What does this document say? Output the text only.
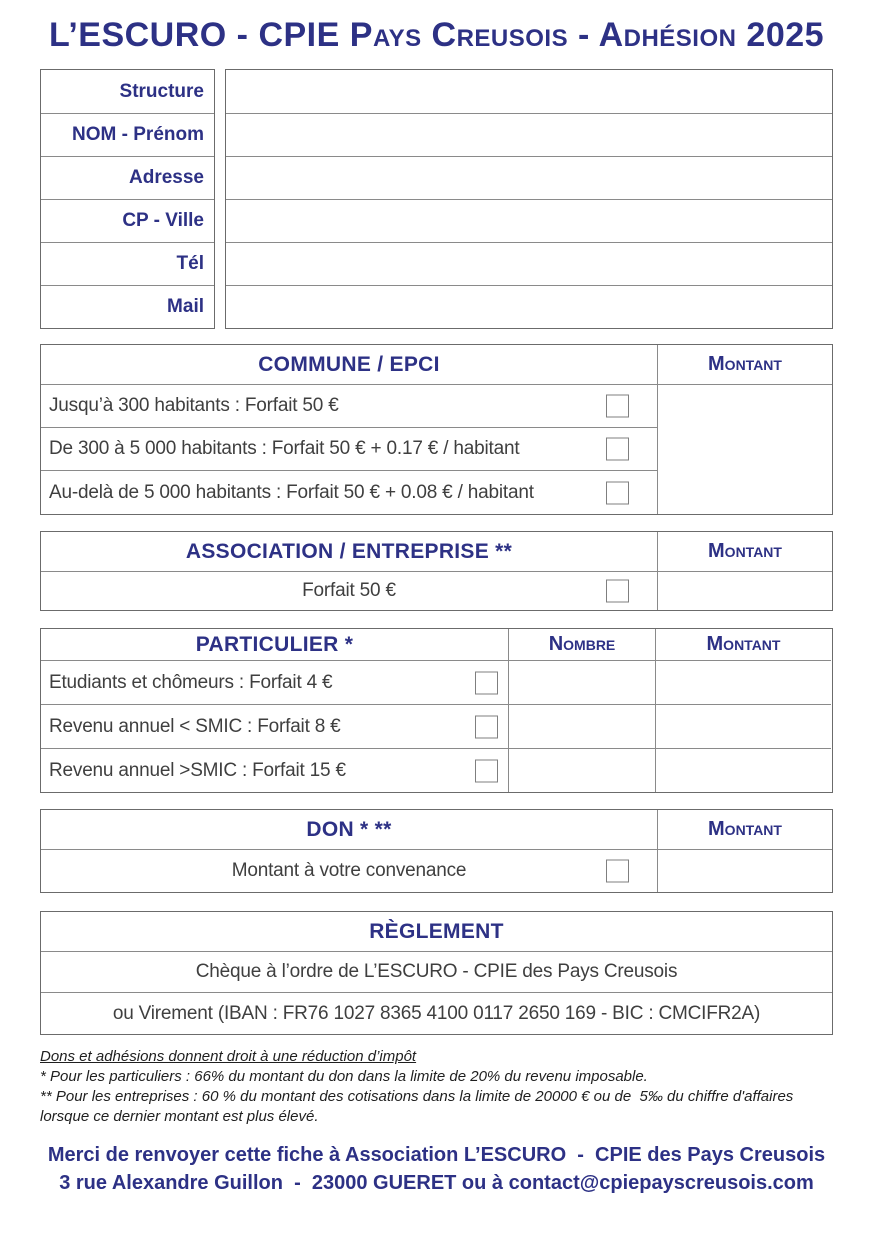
L’ESCURO - CPIE Pays Creusois - Adhésion 2025
Structure
NOM - Prénom
Adresse
CP - Ville
Tél
Mail
COMMUNE / EPCI	Montant
Jusqu’à 300 habitants : Forfait 50 €
De 300 à 5 000 habitants : Forfait 50 € + 0.17 € / habitant
Au-delà de 5 000 habitants : Forfait 50 € + 0.08 € / habitant
ASSOCIATION / ENTREPRISE **	Montant
Forfait 50 €
PARTICULIER *	Nombre	Montant
Etudiants et chômeurs : Forfait 4 €
Revenu annuel < SMIC : Forfait 8 €
Revenu annuel >SMIC : Forfait 15 €
DON * **	Montant
Montant à votre convenance
RÈGLEMENT
Chèque à l’ordre de L’ESCURO - CPIE des Pays Creusois
ou Virement (IBAN : FR76 1027 8365 4100 0117 2650 169 - BIC : CMCIFR2A)
Dons et adhésions donnent droit à une réduction d’impôt
* Pour les particuliers : 66% du montant du don dans la limite de 20% du revenu imposable.
** Pour les entreprises : 60 % du montant des cotisations dans la limite de 20000 € ou de  5‰ du chiffre d'affaires lorsque ce dernier montant est plus élevé.
Merci de renvoyer cette fiche à Association L’ESCURO  -  CPIE des Pays Creusois
3 rue Alexandre Guillon  -  23000 GUERET ou à contact@cpiepayscreusois.com
